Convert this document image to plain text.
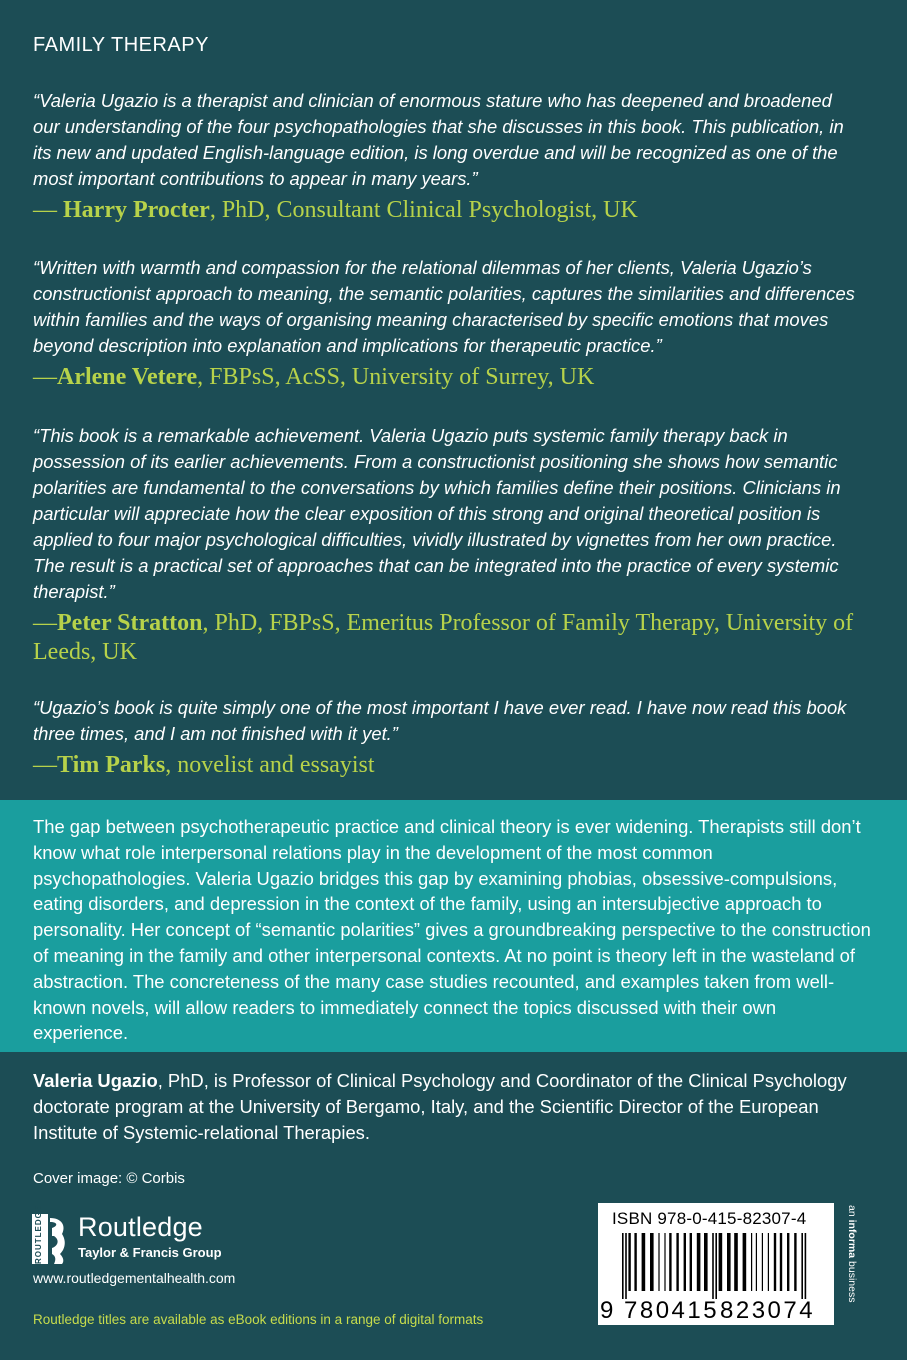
FAMILY THERAPY

“Valeria Ugazio is a therapist and clinician of enormous stature who has deepened and broadened our understanding of the four psychopathologies that she discusses in this book. This publication, in its new and updated English-language edition, is long overdue and will be recognized as one of the most important contributions to appear in many years.”

— Harry Procter, PhD, Consultant Clinical Psychologist, UK

“Written with warmth and compassion for the relational dilemmas of her clients, Valeria Ugazio’s constructionist approach to meaning, the semantic polarities, captures the similarities and differences within families and the ways of organising meaning characterised by specific emotions that moves beyond description into explanation and implications for therapeutic practice.”

—Arlene Vetere, FBPsS, AcSS, University of Surrey, UK

“This book is a remarkable achievement. Valeria Ugazio puts systemic family therapy back in possession of its earlier achievements. From a constructionist positioning she shows how semantic polarities are fundamental to the conversations by which families define their positions. Clinicians in particular will appreciate how the clear exposition of this strong and original theoretical position is applied to four major psychological difficulties, vividly illustrated by vignettes from her own practice. The result is a practical set of approaches that can be integrated into the practice of every systemic therapist.”

—Peter Stratton, PhD, FBPsS, Emeritus Professor of Family Therapy, University of Leeds, UK

“Ugazio’s book is quite simply one of the most important I have ever read. I have now read this book three times, and I am not finished with it yet.”

—Tim Parks, novelist and essayist

The gap between psychotherapeutic practice and clinical theory is ever widening. Therapists still don’t know what role interpersonal relations play in the development of the most common psychopathologies. Valeria Ugazio bridges this gap by examining phobias, obsessive-compulsions, eating disorders, and depression in the context of the family, using an intersubjective approach to personality. Her concept of “semantic polarities” gives a groundbreaking perspective to the construction of meaning in the family and other interpersonal contexts. At no point is theory left in the wasteland of abstraction. The concreteness of the many case studies recounted, and examples taken from well-known novels, will allow readers to immediately connect the topics discussed with their own experience.

Valeria Ugazio, PhD, is Professor of Clinical Psychology and Coordinator of the Clinical Psychology doctorate program at the University of Bergamo, Italy, and the Scientific Director of the European Institute of Systemic-relational Therapies.

Cover image: © Corbis
ROUTLEDGE Routledge
Taylor & Francis Group
www.routledgementalhealth.com
Routledge titles are available as eBook editions in a range of digital formats
ISBN 978-0-415-82307-4
9 780415 823074
an informa business
